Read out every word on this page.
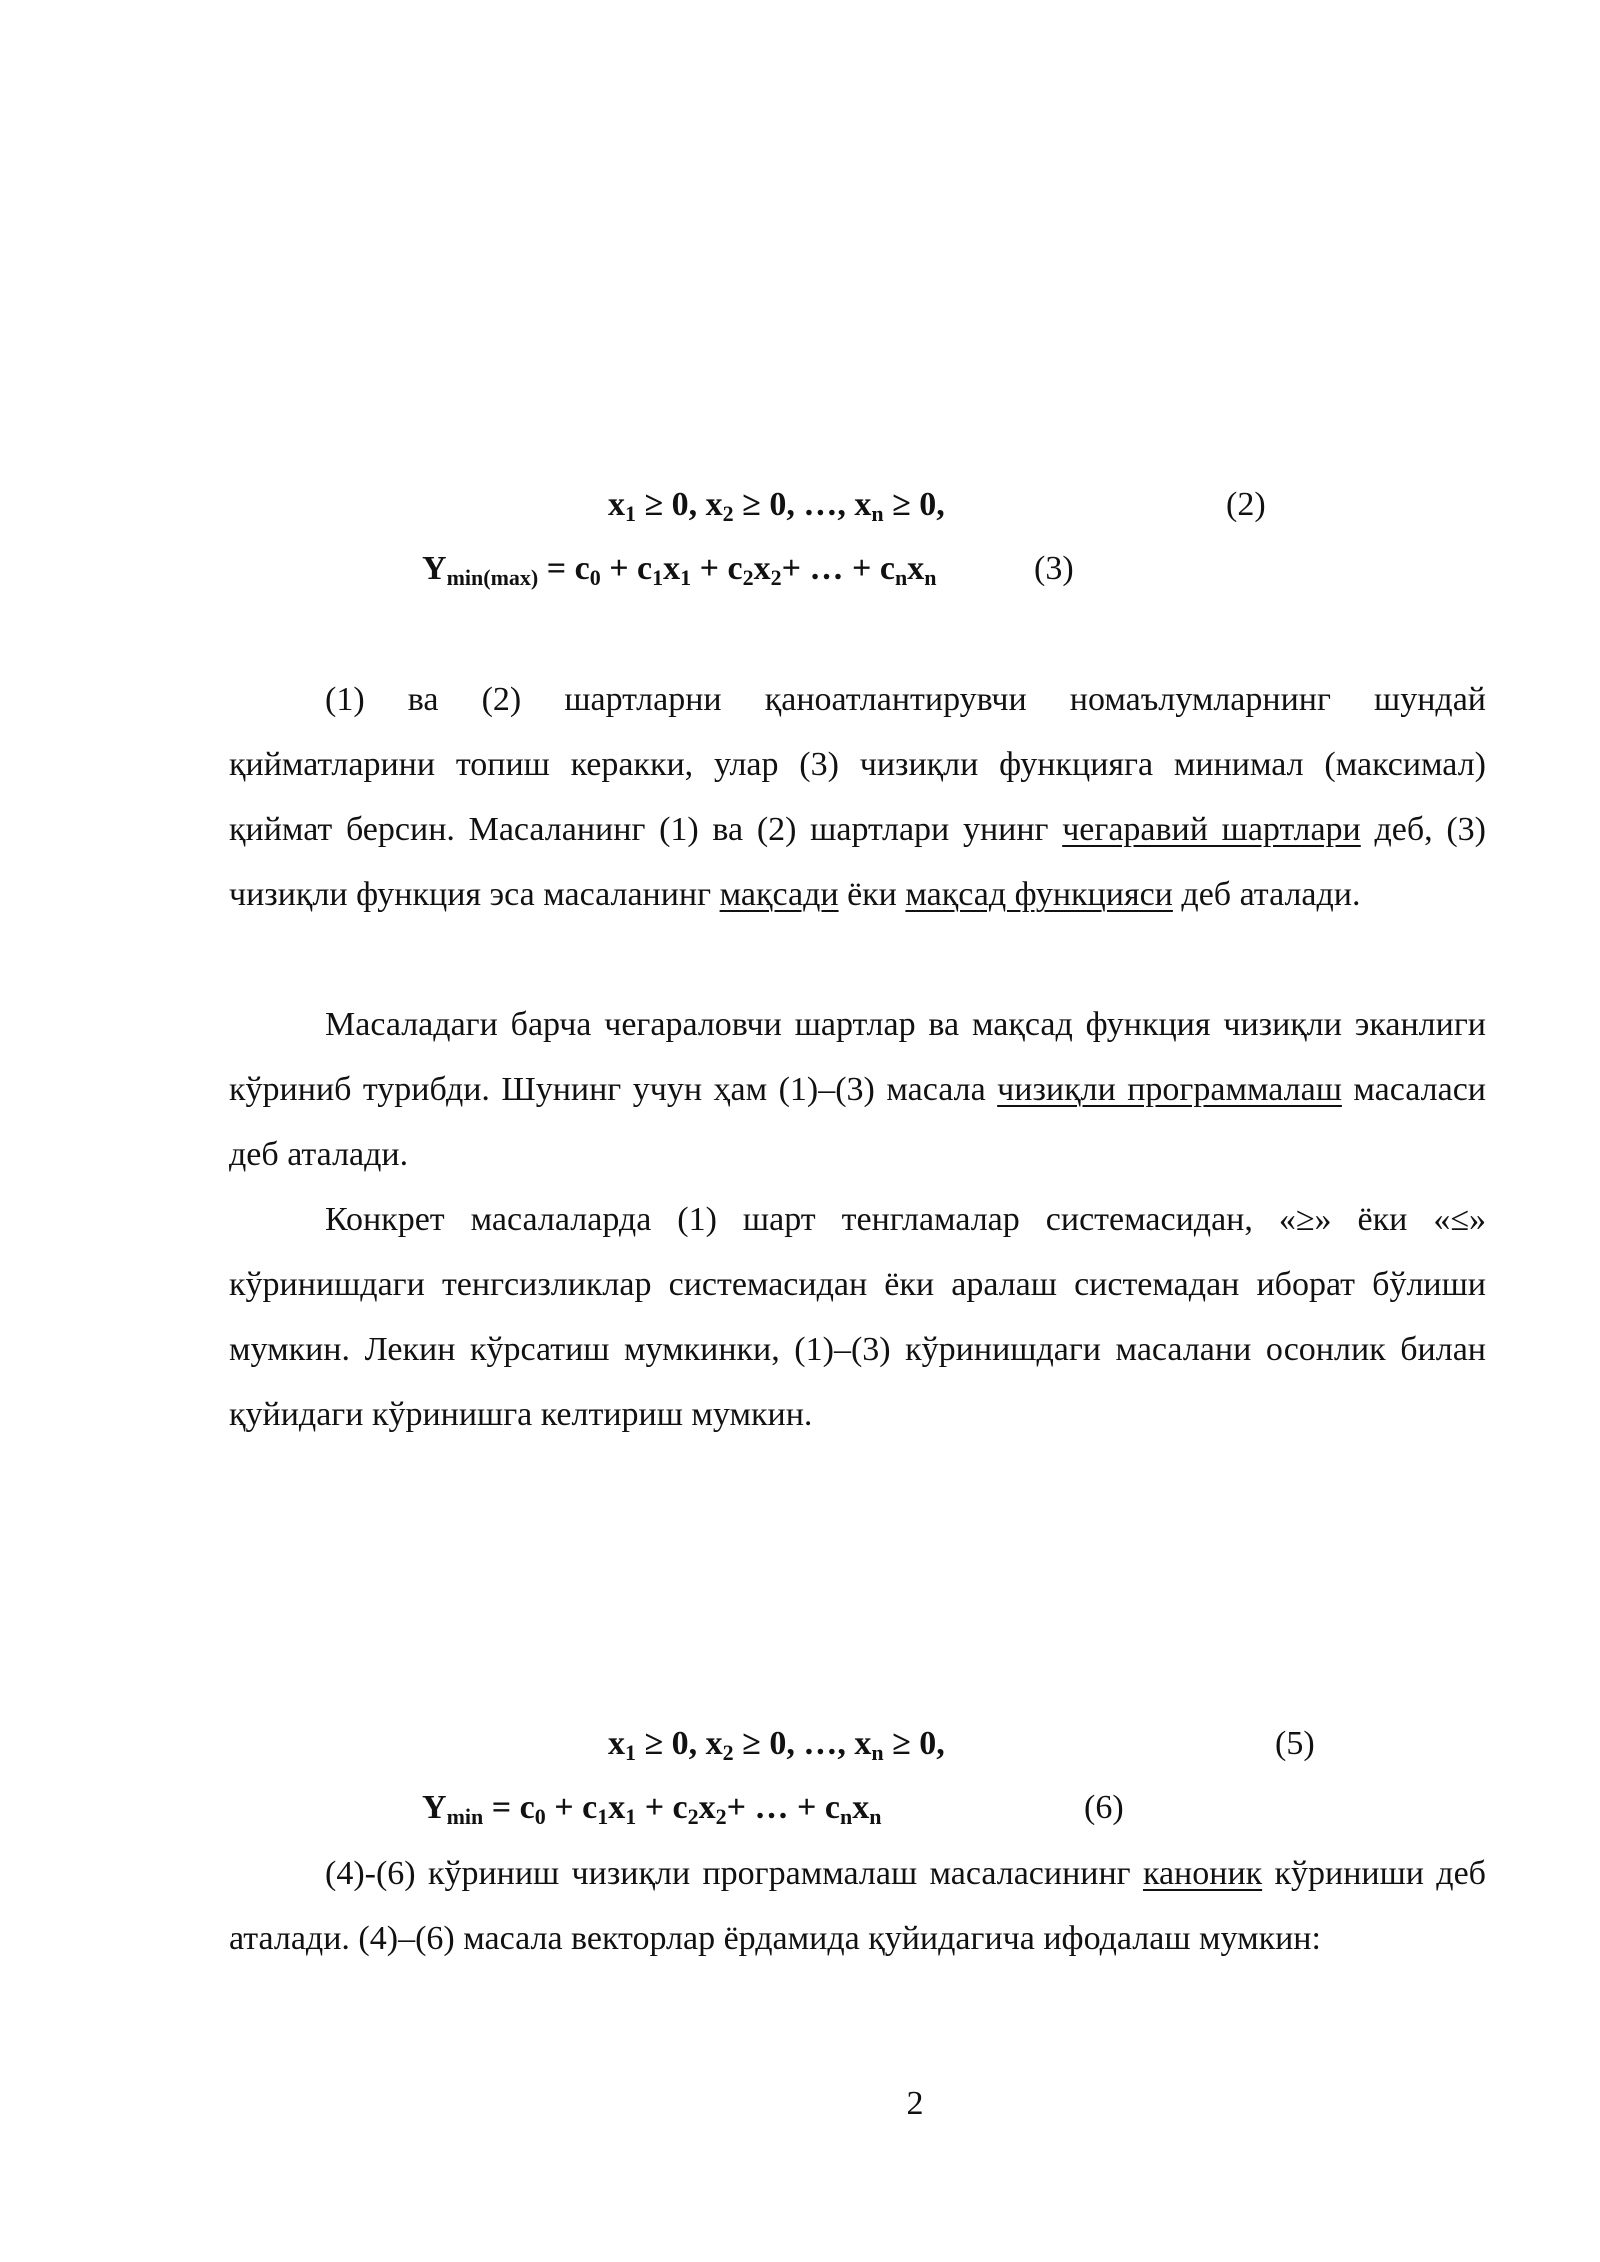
$x_1 \ge 0$, $x_2 \ge 0$, …, $x_n \ge 0$,	(2)
$Y_{min(max)} = c_0 + c_1x_1 + c_2x_2+$ … + $c_nx_n$	(3)

(1) ва (2) шартларни қаноатлантирувчи номаълумларнинг шундай қийматларини топиш керакки, улар (3) чизиқли функцияга минимал (максимал) қиймат берсин. Масаланинг (1) ва (2) шартлари унинг чегаравий шартлари деб, (3) чизиқли функция эса масаланинг мақсади ёки мақсад функцияси деб аталади.

Масаладаги барча чегараловчи шартлар ва мақсад функция чизиқли эканлиги кўриниб турибди. Шунинг учун ҳам (1)–(3) масала чизиқли программалаш масаласи деб аталади.

Конкрет масалаларда (1) шарт тенгламалар системасидан, «≥» ёки «≤» кўринишдаги тенгсизликлар системасидан ёки аралаш системадан иборат бўлиши мумкин. Лекин кўрсатиш мумкинки, (1)–(3) кўринишдаги масалани осонлик билан қуйидаги кўринишга келтириш мумкин.

$x_1 \ge 0$, $x_2 \ge 0$, …, $x_n \ge 0$,	(5)
$Y_{min} = c_0 + c_1x_1 + c_2x_2+$ … + $c_nx_n$	(6)

(4)-(6) кўриниш чизиқли программалаш масаласининг каноник кўриниши деб аталади. (4)–(6) масала векторлар ёрдамида қуйидагича ифодалаш мумкин:

2
